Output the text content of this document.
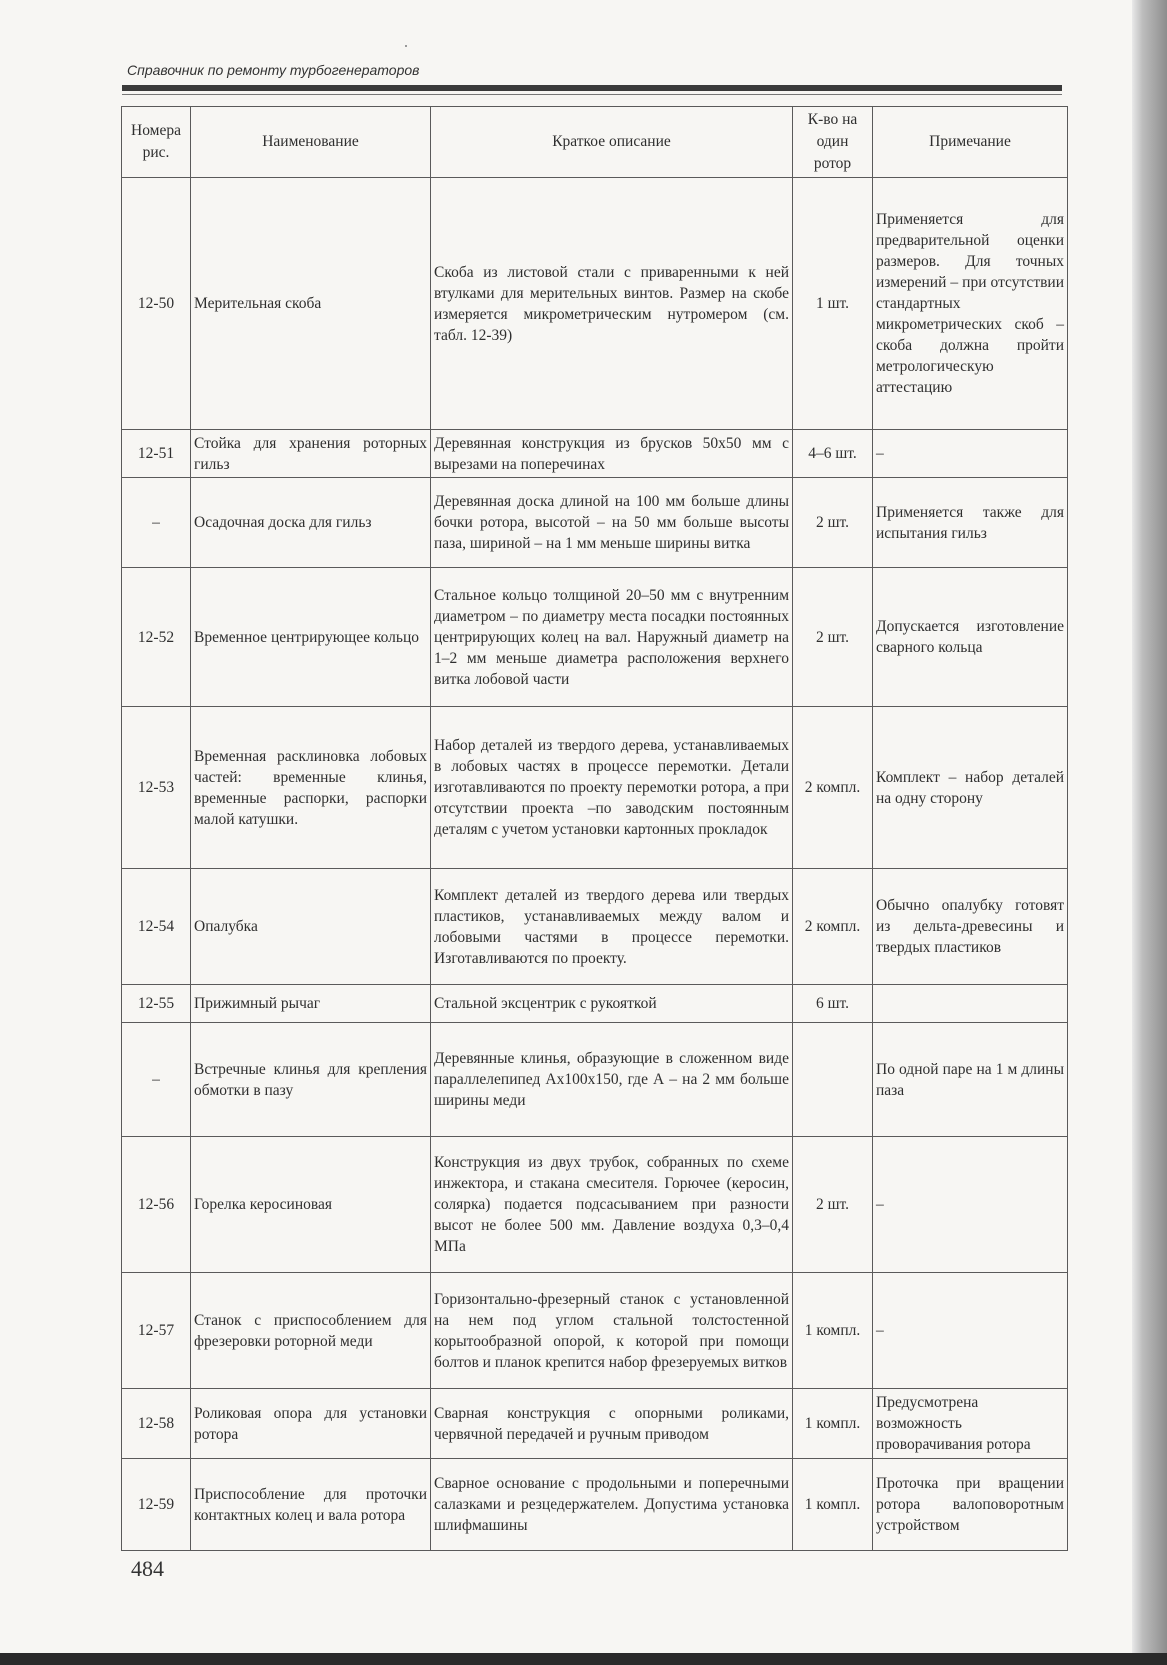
Справочник по ремонту турбогенераторов
Номера рис.	Наименование	Краткое описание	К-во на один ротор	Примечание
12-50	Мерительная скоба	Скоба из листовой стали с приваренными к ней втулками для мерительных винтов. Размер на скобе измеряется микрометрическим нутромером (см. табл. 12-39)	1 шт.	Применяется для предварительной оценки размеров. Для точных измерений – при отсутствии стандартных микрометрических скоб – скоба должна пройти метрологическую аттестацию
12-51	Стойка для хранения роторных гильз	Деревянная конструкция из брусков 50х50 мм с вырезами на поперечинах	4–6 шт.	–
–	Осадочная доска для гильз	Деревянная доска длиной на 100 мм больше длины бочки ротора, высотой – на 50 мм больше высоты паза, шириной – на 1 мм меньше ширины витка	2 шт.	Применяется также для испытания гильз
12-52	Временное центрирующее кольцо	Стальное кольцо толщиной 20–50 мм с внутренним диаметром – по диаметру места посадки постоянных центрирующих колец на вал. Наружный диаметр на 1–2 мм меньше диаметра расположения верхнего витка лобовой части	2 шт.	Допускается изготовление сварного кольца
12-53	Временная расклиновка лобовых частей: временные клинья, временные распорки, распорки малой катушки.	Набор деталей из твердого дерева, устанавливаемых в лобовых частях в процессе перемотки. Детали изготавливаются по проекту перемотки ротора, а при отсутствии проекта –по заводским постоянным деталям с учетом установки картонных прокладок	2 компл.	Комплект – набор деталей на одну сторону
12-54	Опалубка	Комплект деталей из твердого дерева или твердых пластиков, устанавливаемых между валом и лобовыми частями в процессе перемотки. Изготавливаются по проекту.	2 компл.	Обычно опалубку готовят из дельта-древесины и твердых пластиков
12-55	Прижимный рычаг	Стальной эксцентрик с рукояткой	6 шт.	
–	Встречные клинья для крепления обмотки в пазу	Деревянные клинья, образующие в сложенном виде параллелепипед Ах100х150, где А – на 2 мм больше ширины меди		По одной паре на 1 м длины паза
12-56	Горелка керосиновая	Конструкция из двух трубок, собранных по схеме инжектора, и стакана смесителя. Горючее (керосин, солярка) подается подсасыванием при разности высот не более 500 мм. Давление воздуха 0,3–0,4 МПа	2 шт.	–
12-57	Станок с приспособлением для фрезеровки роторной меди	Горизонтально-фрезерный станок с установленной на нем под углом стальной толстостенной корытообразной опорой, к которой при помощи болтов и планок крепится набор фрезеруемых витков	1 компл.	–
12-58	Роликовая опора для установки ротора	Сварная конструкция с опорными роликами, червячной передачей и ручным приводом	1 компл.	Предусмотрена возможность проворачивания ротора
12-59	Приспособление для проточки контактных колец и вала ротора	Сварное основание с продольными и поперечными салазками и резцедержателем. Допустима установка шлифмашины	1 компл.	Проточка при вращении ротора валоповоротным устройством
484
